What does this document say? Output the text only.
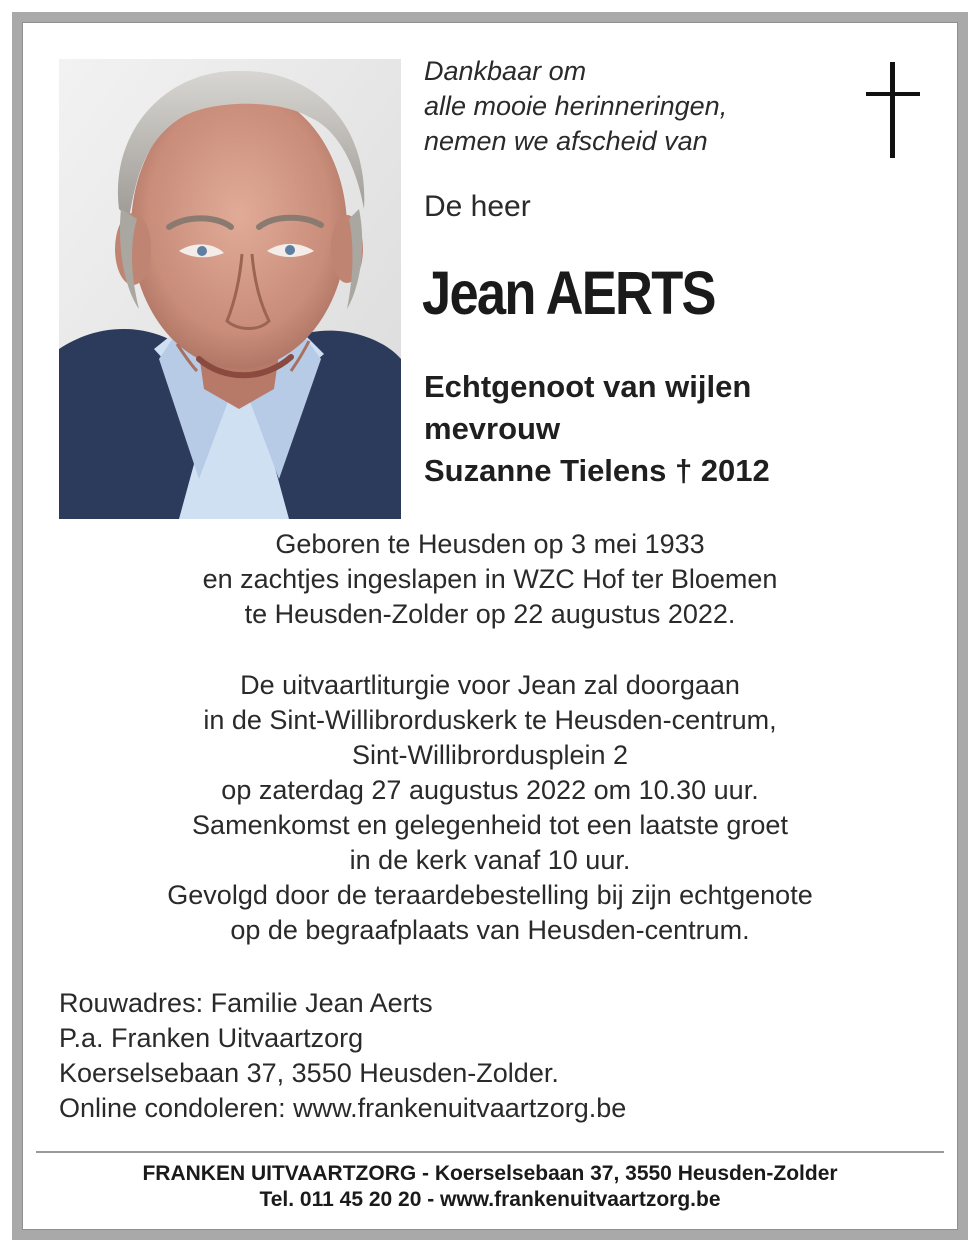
Dankbaar om
alle mooie herinneringen,
nemen we afscheid van
De heer
Jean AERTS
Echtgenoot van wijlen
mevrouw
Suzanne Tielens † 2012
Geboren te Heusden op 3 mei 1933
en zachtjes ingeslapen in WZC Hof ter Bloemen
te Heusden-Zolder op 22 augustus 2022.
De uitvaartliturgie voor Jean zal doorgaan
in de Sint-Willibrorduskerk te Heusden-centrum,
Sint-Willibrordusplein 2
op zaterdag 27 augustus 2022 om 10.30 uur.
Samenkomst en gelegenheid tot een laatste groet
in de kerk vanaf 10 uur.
Gevolgd door de teraardebestelling bij zijn echtgenote
op de begraafplaats van Heusden-centrum.
Rouwadres: Familie Jean Aerts
P.a. Franken Uitvaartzorg
Koerselsebaan 37, 3550 Heusden-Zolder.
Online condoleren: www.frankenuitvaartzorg.be
FRANKEN UITVAARTZORG - Koerselsebaan 37, 3550 Heusden-Zolder
Tel. 011 45 20 20 - www.frankenuitvaartzorg.be
